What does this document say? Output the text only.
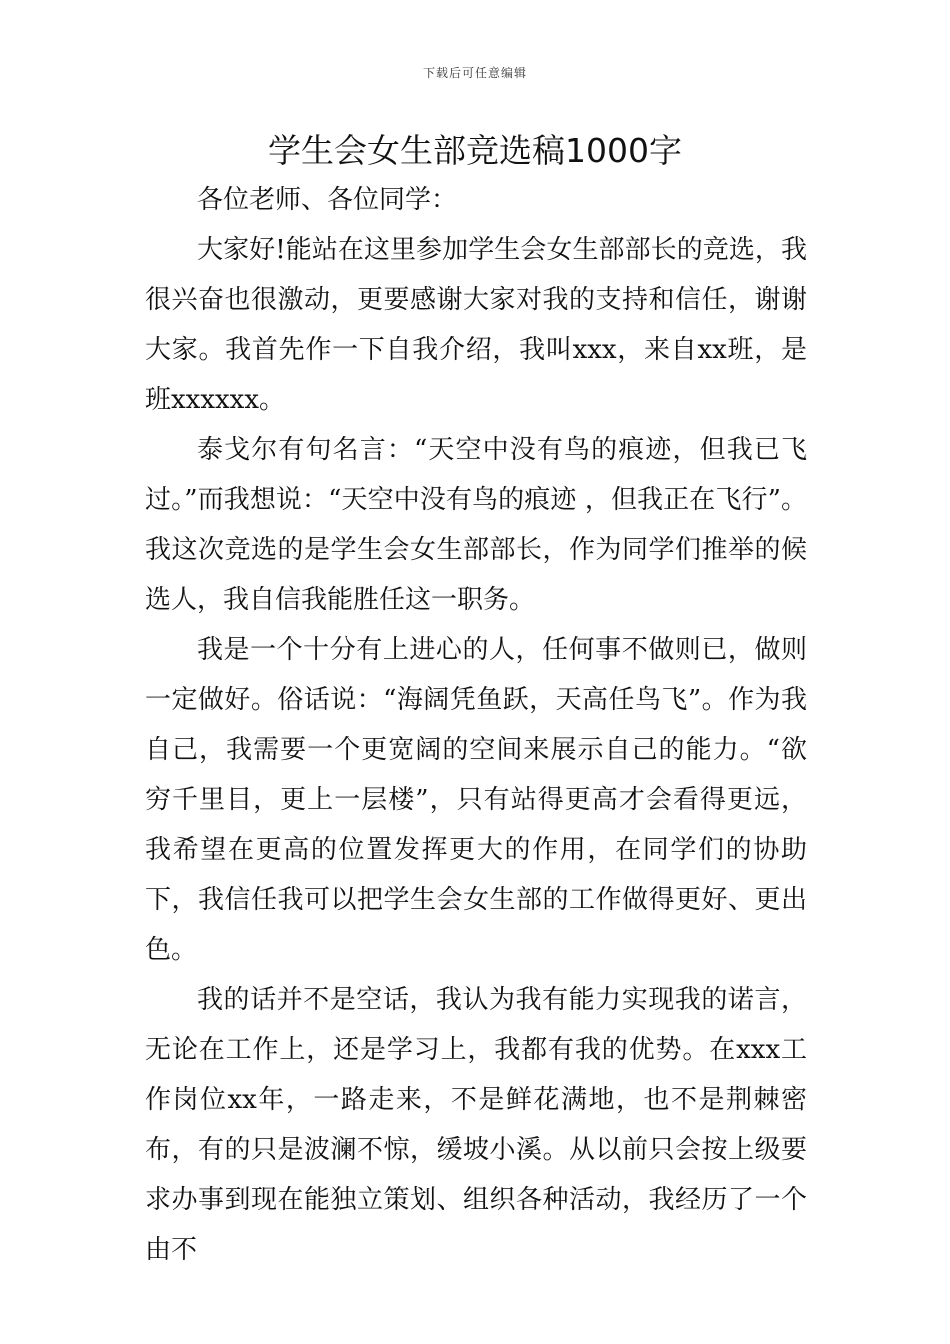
下载后可任意编辑
学生会女生部竞选稿1000字

各位老师、各位同学：

大家好!能站在这里参加学生会女生部部长的竞选，我很兴奋也很激动，更要感谢大家对我的支持和信任，谢谢大家。我首先作一下自我介绍，我叫xxx，来自xx班，是班xxxxxx。

泰戈尔有句名言：“天空中没有鸟的痕迹，但我已飞过。”而我想说：“天空中没有鸟的痕迹 ，但我正在飞行”。我这次竞选的是学生会女生部部长，作为同学们推举的候选人，我自信我能胜任这一职务。

我是一个十分有上进心的人，任何事不做则已，做则一定做好。俗话说：“海阔凭鱼跃，天高任鸟飞”。作为我自己，我需要一个更宽阔的空间来展示自己的能力。“欲穷千里目，更上一层楼”，只有站得更高才会看得更远，我希望在更高的位置发挥更大的作用，在同学们的协助下，我信任我可以把学生会女生部的工作做得更好、更出色。

我的话并不是空话，我认为我有能力实现我的诺言，无论在工作上，还是学习上，我都有我的优势。在xxx工作岗位xx年，一路走来，不是鲜花满地，也不是荆棘密布，有的只是波澜不惊，缓坡小溪。从以前只会按上级要求办事到现在能独立策划、组织各种活动，我经历了一个由不
